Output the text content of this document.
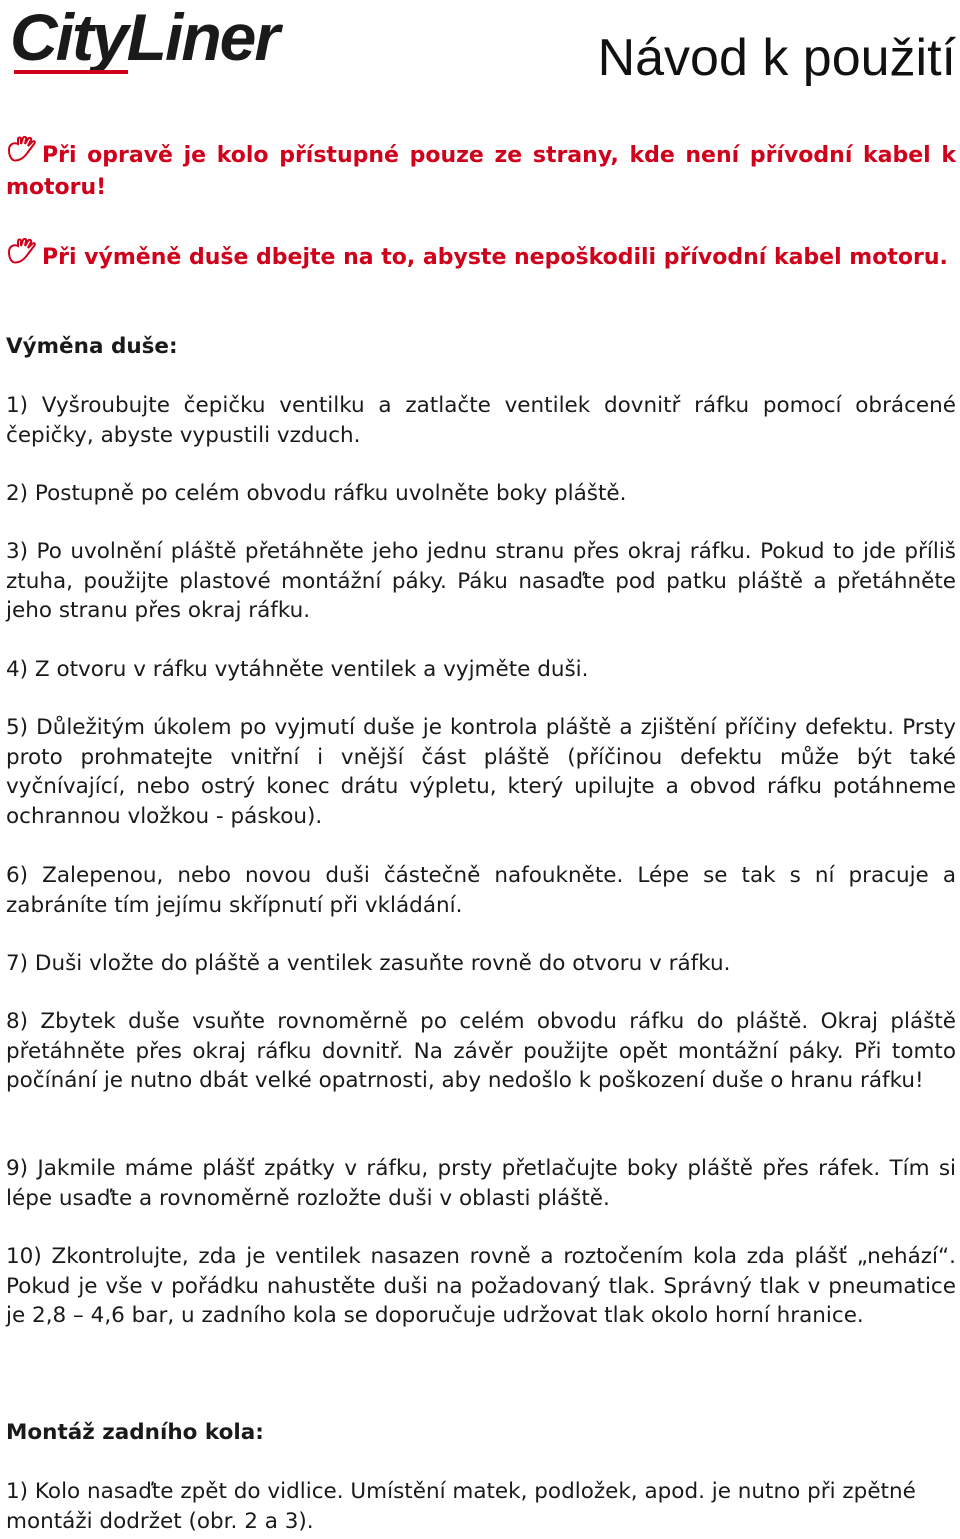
CityLiner	Návod k použití

Při opravě je kolo přístupné pouze ze strany, kde není přívodní kabel k motoru!

Při výměně duše dbejte na to, abyste nepoškodili přívodní kabel motoru.

Výměna duše:

1) Vyšroubujte čepičku ventilku a zatlačte ventilek dovnitř ráfku pomocí obrácené čepičky, abyste vypustili vzduch.

2) Postupně po celém obvodu ráfku uvolněte boky pláště.

3) Po uvolnění pláště přetáhněte jeho jednu stranu přes okraj ráfku. Pokud to jde příliš ztuha, použijte plastové montážní páky. Páku nasaďte pod patku pláště a přetáhněte jeho stranu přes okraj ráfku.

4) Z otvoru v ráfku vytáhněte ventilek a vyjměte duši.

5) Důležitým úkolem po vyjmutí duše je kontrola pláště a zjištění příčiny defektu. Prsty proto prohmatejte vnitřní i vnější část pláště (příčinou defektu může být také vyčnívající, nebo ostrý konec drátu výpletu, který upilujte a obvod ráfku potáhneme ochrannou vložkou - páskou).

6) Zalepenou, nebo novou duši částečně nafoukněte. Lépe se tak s ní pracuje a zabráníte tím jejímu skřípnutí při vkládání.

7) Duši vložte do pláště a ventilek zasuňte rovně do otvoru v ráfku.

8) Zbytek duše vsuňte rovnoměrně po celém obvodu ráfku do pláště. Okraj pláště přetáhněte přes okraj ráfku dovnitř. Na závěr použijte opět montážní páky. Při tomto počínání je nutno dbát velké opatrnosti, aby nedošlo k poškození duše o hranu ráfku!

9) Jakmile máme plášť zpátky v ráfku, prsty přetlačujte boky pláště přes ráfek. Tím si lépe usaďte a rovnoměrně rozložte duši v oblasti pláště.

10) Zkontrolujte, zda je ventilek nasazen rovně a roztočením kola zda plášť „nehází“. Pokud je vše v pořádku nahustěte duši na požadovaný tlak. Správný tlak v pneumatice je 2,8 – 4,6 bar, u zadního kola se doporučuje udržovat tlak okolo horní hranice.

Montáž zadního kola:

1) Kolo nasaďte zpět do vidlice. Umístění matek, podložek, apod. je nutno při zpětné montáži dodržet (obr. 2 a 3).
